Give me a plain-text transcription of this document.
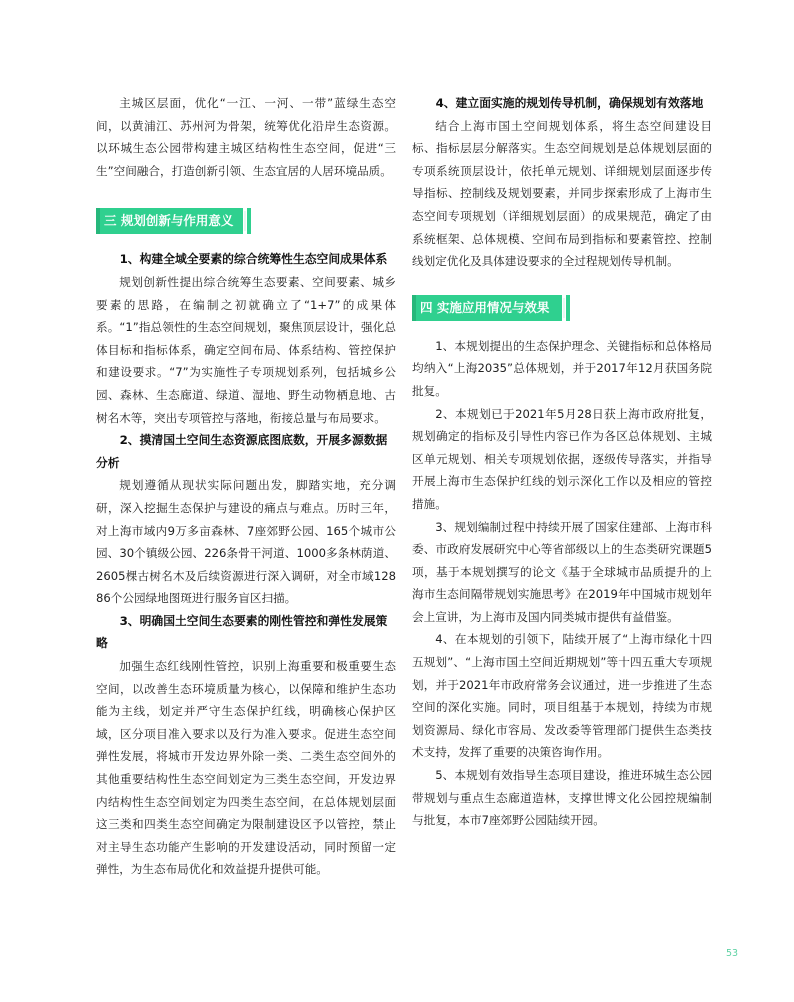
主城区层面，优化“一江、一河、一带”蓝绿生态空间，以黄浦江、苏州河为骨架，统筹优化沿岸生态资源。以环城生态公园带构建主城区结构性生态空间，促进“三生”空间融合，打造创新引领、生态宜居的人居环境品质。

三 规划创新与作用意义
1、构建全域全要素的综合统筹性生态空间成果体系

规划创新性提出综合统筹生态要素、空间要素、城乡要素的思路，在编制之初就确立了“1+7”的成果体系。“1”指总领性的生态空间规划，聚焦顶层设计，强化总体目标和指标体系，确定空间布局、体系结构、管控保护和建设要求。“7”为实施性子专项规划系列，包括城乡公园、森林、生态廊道、绿道、湿地、野生动物栖息地、古树名木等，突出专项管控与落地，衔接总量与布局要求。

2、摸清国土空间生态资源底图底数，开展多源数据分析

规划遵循从现状实际问题出发，脚踏实地，充分调研，深入挖掘生态保护与建设的痛点与难点。历时三年，对上海市域内9万多亩森林、7座郊野公园、165个城市公园、30个镇级公园、226条骨干河道、1000多条林荫道、2605棵古树名木及后续资源进行深入调研，对全市域12886个公园绿地图斑进行服务盲区扫描。

3、明确国土空间生态要素的刚性管控和弹性发展策略

加强生态红线刚性管控，识别上海重要和极重要生态空间，以改善生态环境质量为核心，以保障和维护生态功能为主线，划定并严守生态保护红线，明确核心保护区域，区分项目准入要求以及行为准入要求。促进生态空间弹性发展，将城市开发边界外除一类、二类生态空间外的其他重要结构性生态空间划定为三类生态空间，开发边界内结构性生态空间划定为四类生态空间，在总体规划层面这三类和四类生态空间确定为限制建设区予以管控，禁止对主导生态功能产生影响的开发建设活动，同时预留一定弹性，为生态布局优化和效益提升提供可能。

4、建立面实施的规划传导机制，确保规划有效落地

结合上海市国土空间规划体系，将生态空间建设目标、指标层层分解落实。生态空间规划是总体规划层面的专项系统顶层设计，依托单元规划、详细规划层面逐步传导指标、控制线及规划要素，并同步探索形成了上海市生态空间专项规划（详细规划层面）的成果规范，确定了由系统框架、总体规模、空间布局到指标和要素管控、控制线划定优化及具体建设要求的全过程规划传导机制。

四 实施应用情况与效果

1、本规划提出的生态保护理念、关键指标和总体格局均纳入“上海2035”总体规划，并于2017年12月获国务院批复。

2、本规划已于2021年5月28日获上海市政府批复，规划确定的指标及引导性内容已作为各区总体规划、主城区单元规划、相关专项规划依据，逐级传导落实，并指导开展上海市生态保护红线的划示深化工作以及相应的管控措施。

3、规划编制过程中持续开展了国家住建部、上海市科委、市政府发展研究中心等省部级以上的生态类研究课题5项，基于本规划撰写的论文《基于全球城市品质提升的上海市生态间隔带规划实施思考》在2019年中国城市规划年会上宣讲，为上海市及国内同类城市提供有益借鉴。

4、在本规划的引领下，陆续开展了“上海市绿化十四五规划”、“上海市国土空间近期规划”等十四五重大专项规划，并于2021年市政府常务会议通过，进一步推进了生态空间的深化实施。同时，项目组基于本规划，持续为市规划资源局、绿化市容局、发改委等管理部门提供生态类技术支持，发挥了重要的决策咨询作用。

5、本规划有效指导生态项目建设，推进环城生态公园带规划与重点生态廊道造林，支撑世博文化公园控规编制与批复，本市7座郊野公园陆续开园。

53
